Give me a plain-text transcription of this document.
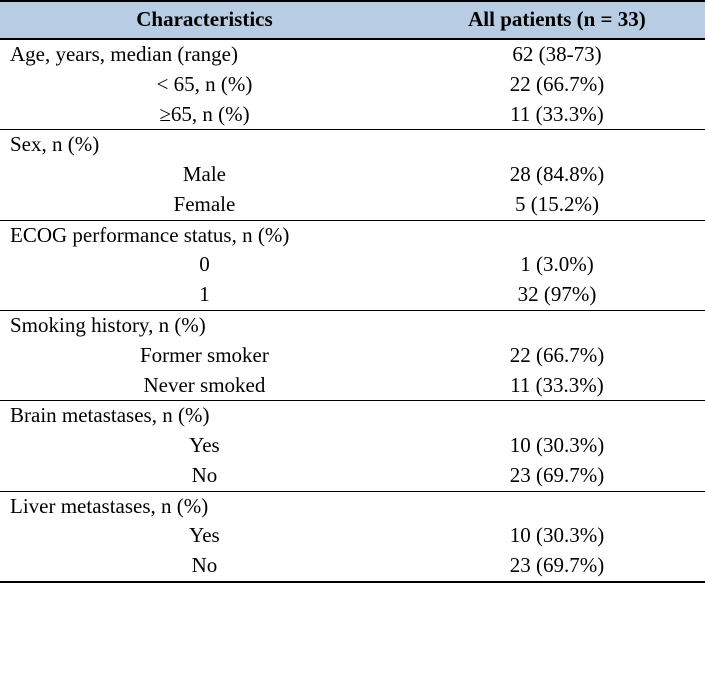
Characteristics	All patients (n = 33)
Age, years, median (range)	62 (38-73)
< 65, n (%)	22 (66.7%)
≥65, n (%)	11 (33.3%)
Sex, n (%)	
Male	28 (84.8%)
Female	5 (15.2%)
ECOG performance status, n (%)	
0	1 (3.0%)
1	32 (97%)
Smoking history, n (%)	
Former smoker	22 (66.7%)
Never smoked	11 (33.3%)
Brain metastases, n (%)	
Yes	10 (30.3%)
No	23 (69.7%)
Liver metastases, n (%)	
Yes	10 (30.3%)
No	23 (69.7%)
